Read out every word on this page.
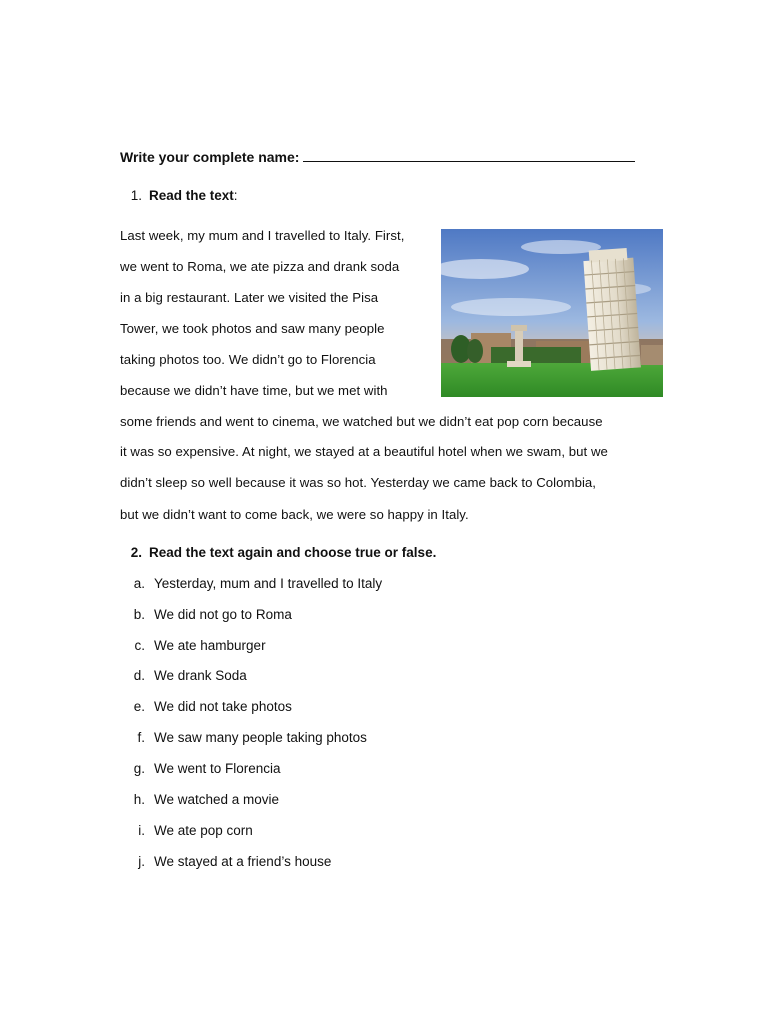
Write your complete name:
1. Read the text:
Last week, my mum and I travelled to Italy. First,
we went to Roma, we ate pizza and drank soda
in a big restaurant. Later we visited the Pisa
Tower, we took photos and saw many people
taking photos too. We didn’t go to Florencia
because we didn’t have time, but we met with
some friends and went to cinema, we watched but we didn’t eat pop corn because
it was so expensive. At night, we stayed at a beautiful hotel when we swam, but we
didn’t sleep so well because it was so hot. Yesterday we came back to Colombia,
but we didn’t want to come back, we were so happy in Italy.
2. Read the text again and choose true or false.
a. Yesterday, mum and I travelled to Italy
b. We did not go to Roma
c. We ate hamburger
d. We drank Soda
e. We did not take photos
f. We saw many people taking photos
g. We went to Florencia
h. We watched a movie
i. We ate pop corn
j. We stayed at a friend’s house
